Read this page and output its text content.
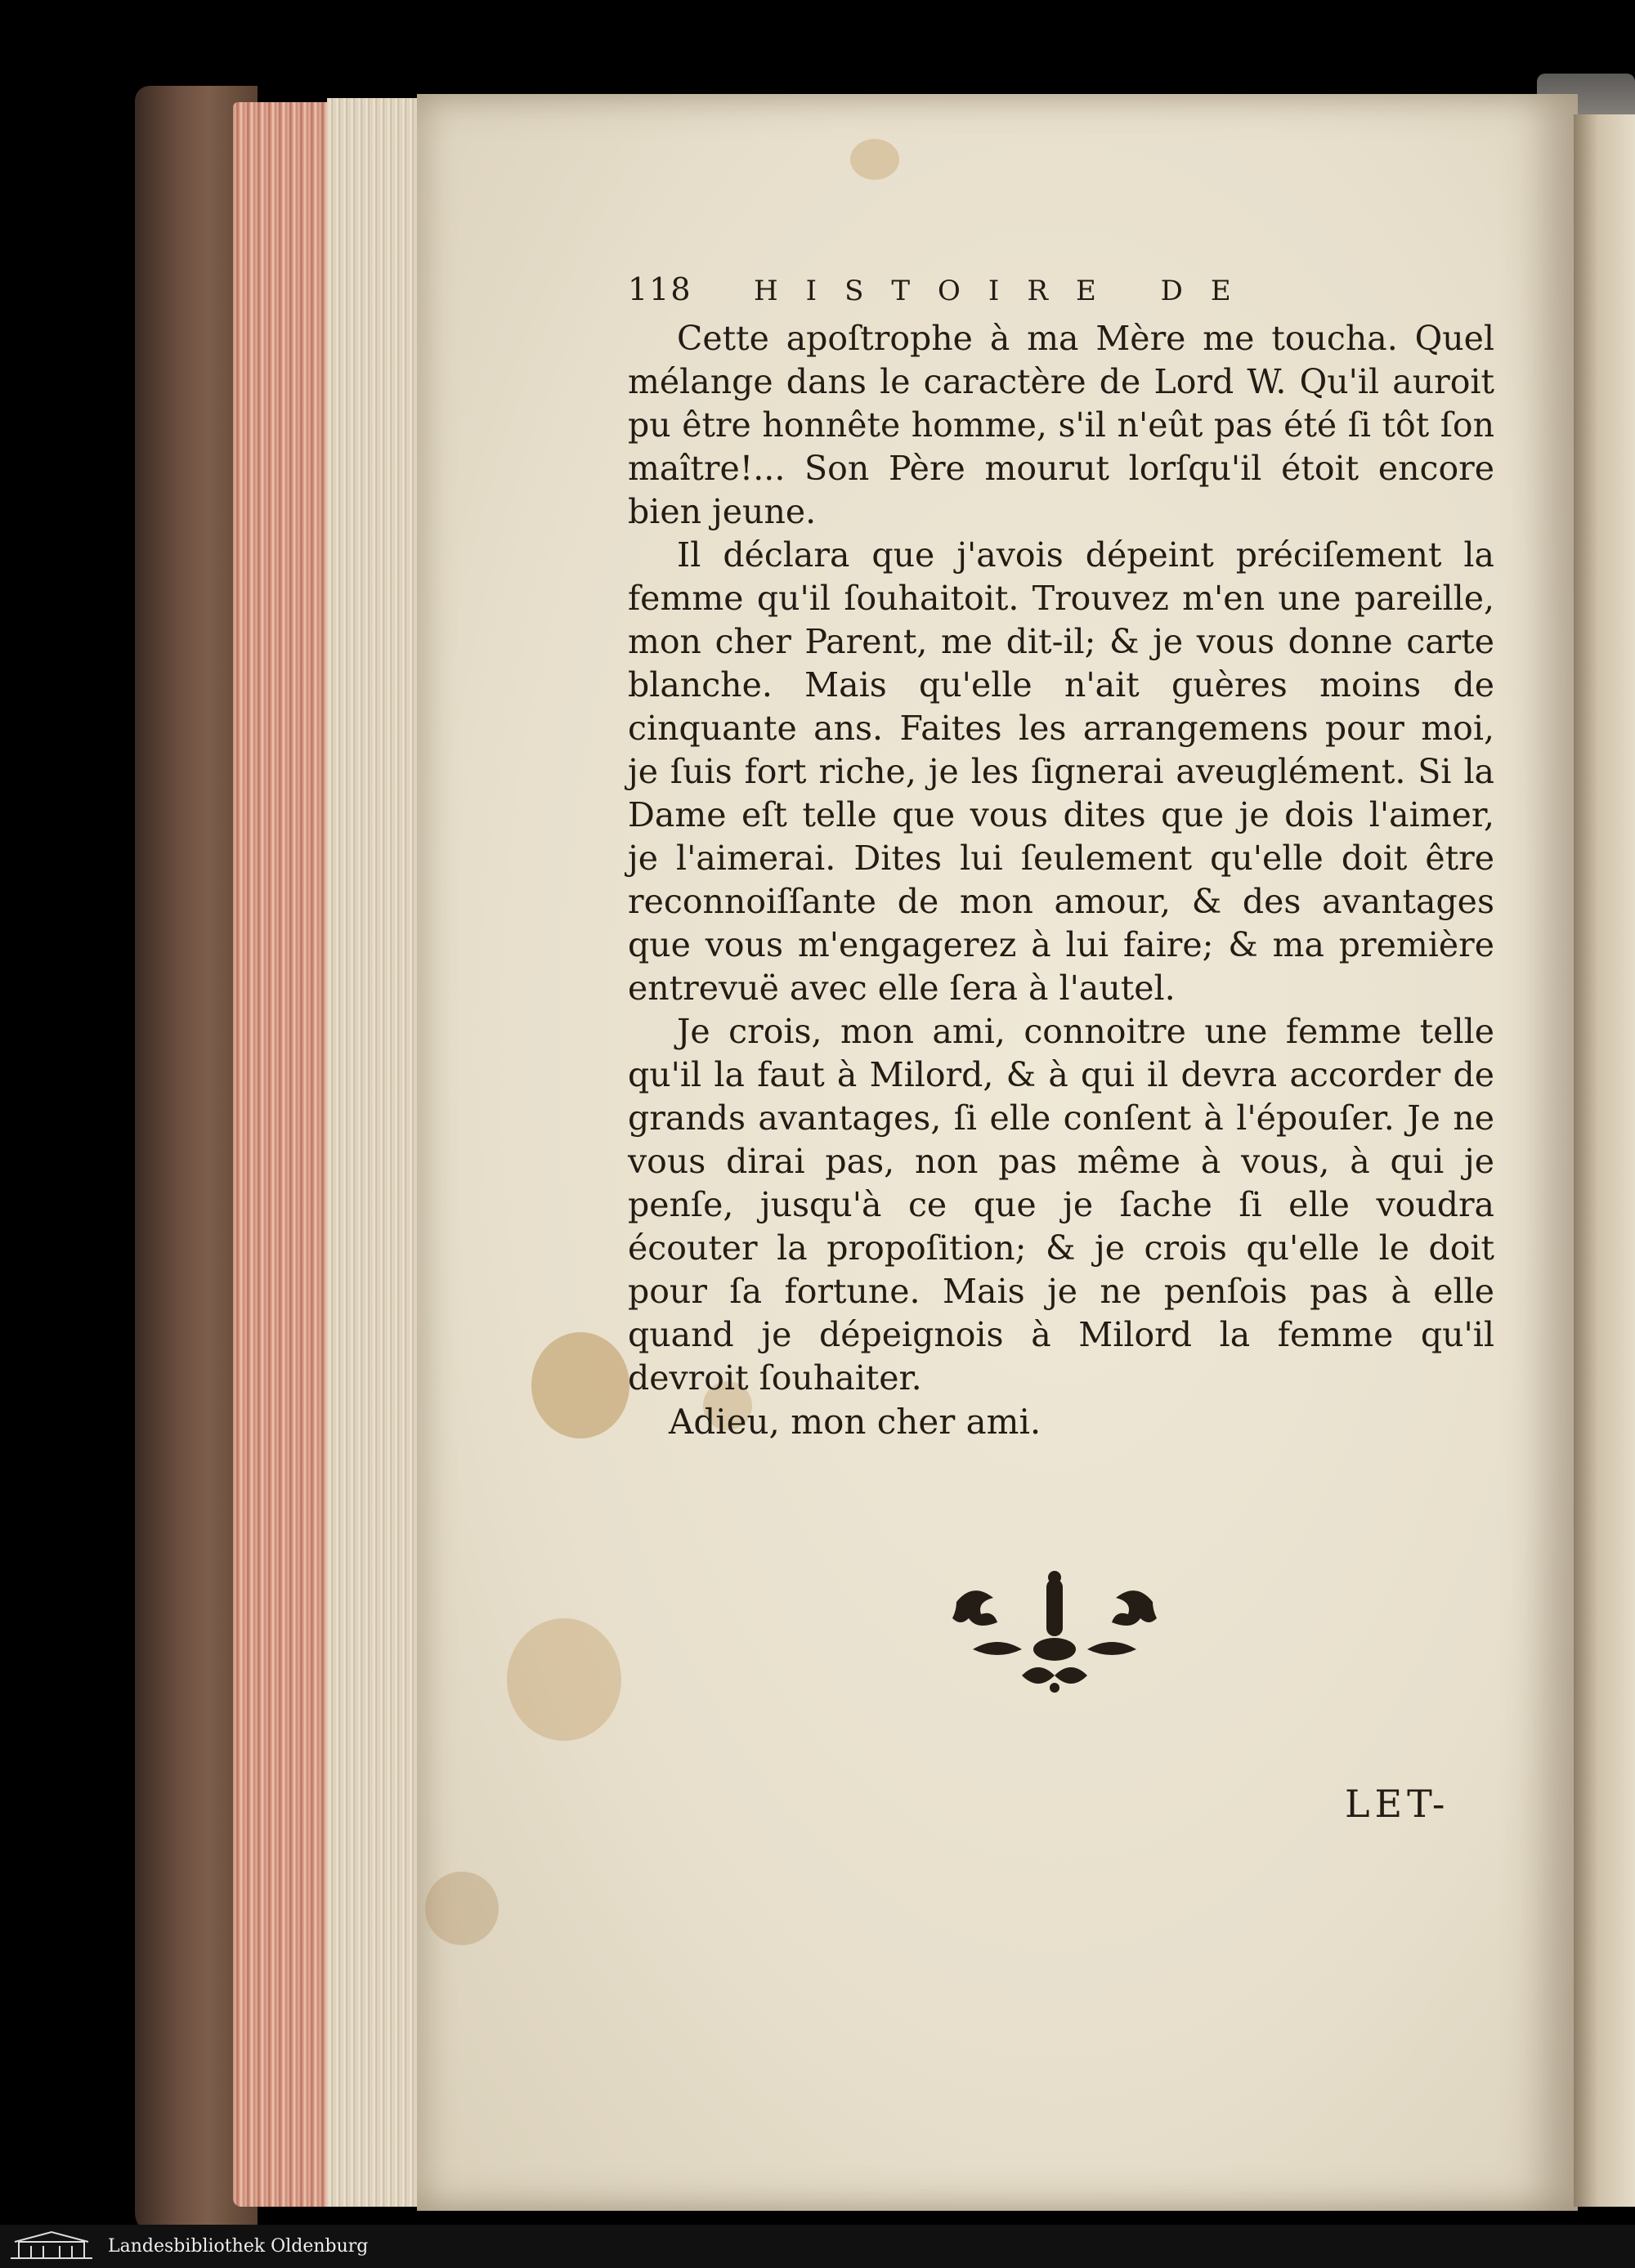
118	HISTOIRE DE

Cette apoſtrophe à ma Mère me toucha. Quel mélange dans le caractère de Lord W. Qu'il auroit pu être honnête homme, s'il n'eût pas été ſi tôt ſon maître!... Son Père mourut lorſqu'il étoit encore bien jeune.

Il déclara que j'avois dépeint préciſement la femme qu'il ſouhaitoit. Trouvez m'en une pareille, mon cher Parent, me dit-il; & je vous donne carte blanche. Mais qu'elle n'ait guères moins de cinquante ans. Faites les arrangemens pour moi, je ſuis fort riche, je les ſignerai aveuglément. Si la Dame eſt telle que vous dites que je dois l'aimer, je l'aimerai. Dites lui ſeulement qu'elle doit être reconnoiſſante de mon amour, & des avantages que vous m'engagerez à lui faire; & ma première entrevuë avec elle ſera à l'autel.

Je crois, mon ami, connoitre une femme telle qu'il la faut à Milord, & à qui il devra accorder de grands avantages, ſi elle conſent à l'épouſer. Je ne vous dirai pas, non pas même à vous, à qui je penſe, jusqu'à ce que je ſache ſi elle voudra écouter la propoſition; & je crois qu'elle le doit pour ſa fortune. Mais je ne penſois pas à elle quand je dépeignois à Milord la femme qu'il devroit ſouhaiter.

Adieu, mon cher ami.

LET-
Landesbibliothek Oldenburg
